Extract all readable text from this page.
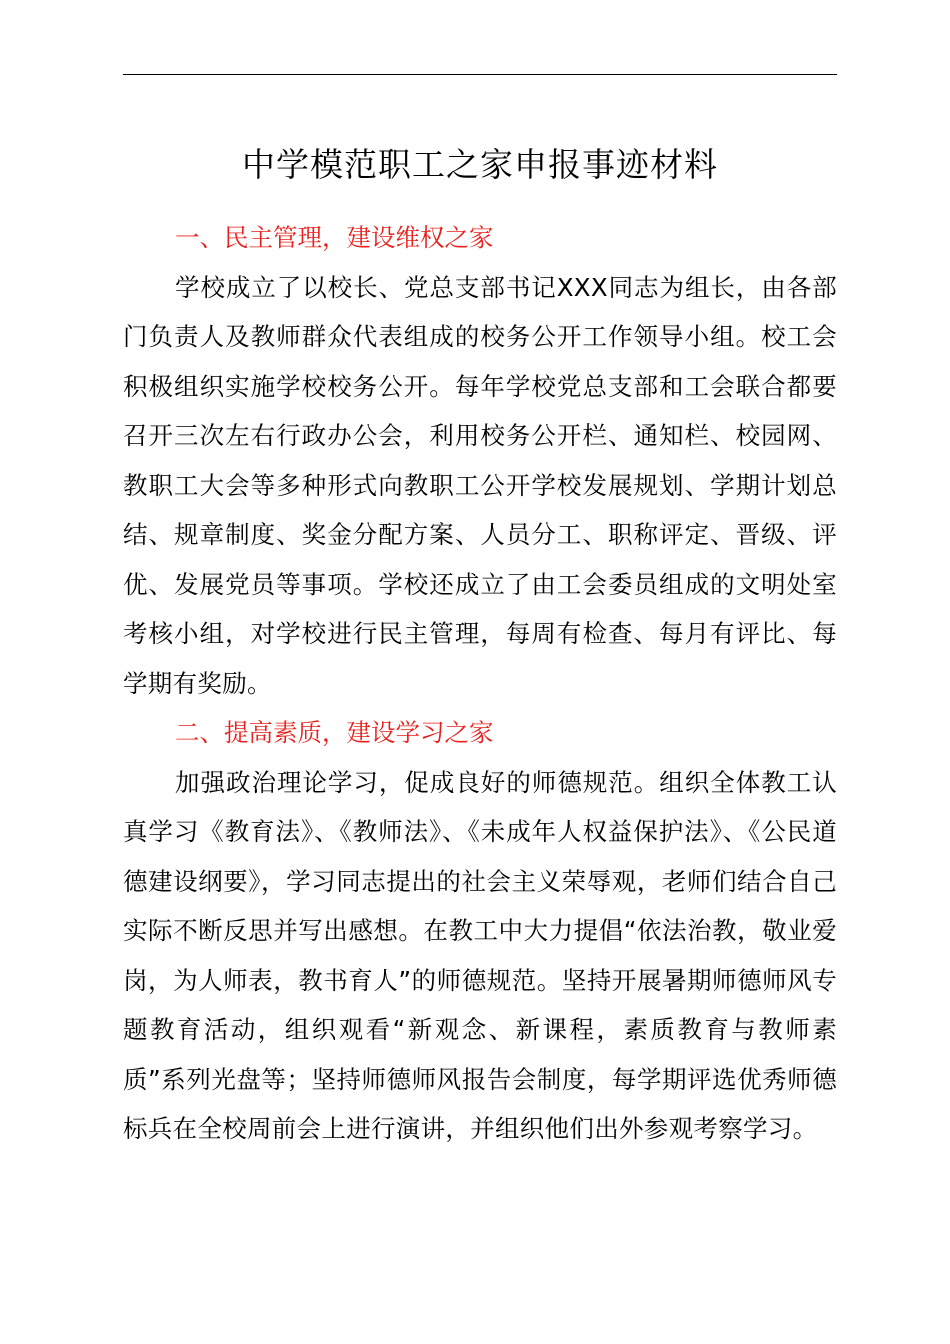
中学模范职工之家申报事迹材料
一、民主管理，建设维权之家

学校成立了以校长、党总支部书记XXX同志为组长，由各部门负责人及教师群众代表组成的校务公开工作领导小组。校工会积极组织实施学校校务公开。每年学校党总支部和工会联合都要召开三次左右行政办公会，利用校务公开栏、通知栏、校园网、教职工大会等多种形式向教职工公开学校发展规划、学期计划总结、规章制度、奖金分配方案、人员分工、职称评定、晋级、评优、发展党员等事项。学校还成立了由工会委员组成的文明处室考核小组，对学校进行民主管理，每周有检查、每月有评比、每学期有奖励。

二、提高素质，建设学习之家

加强政治理论学习，促成良好的师德规范。组织全体教工认真学习《教育法》、《教师法》、《未成年人权益保护法》、《公民道德建设纲要》，学习同志提出的社会主义荣辱观，老师们结合自己实际不断反思并写出感想。在教工中大力提倡“依法治教，敬业爱岗，为人师表，教书育人”的师德规范。坚持开展暑期师德师风专题教育活动，组织观看“新观念、新课程，素质教育与教师素质”系列光盘等；坚持师德师风报告会制度，每学期评选优秀师德标兵在全校周前会上进行演讲，并组织他们出外参观考察学习。
